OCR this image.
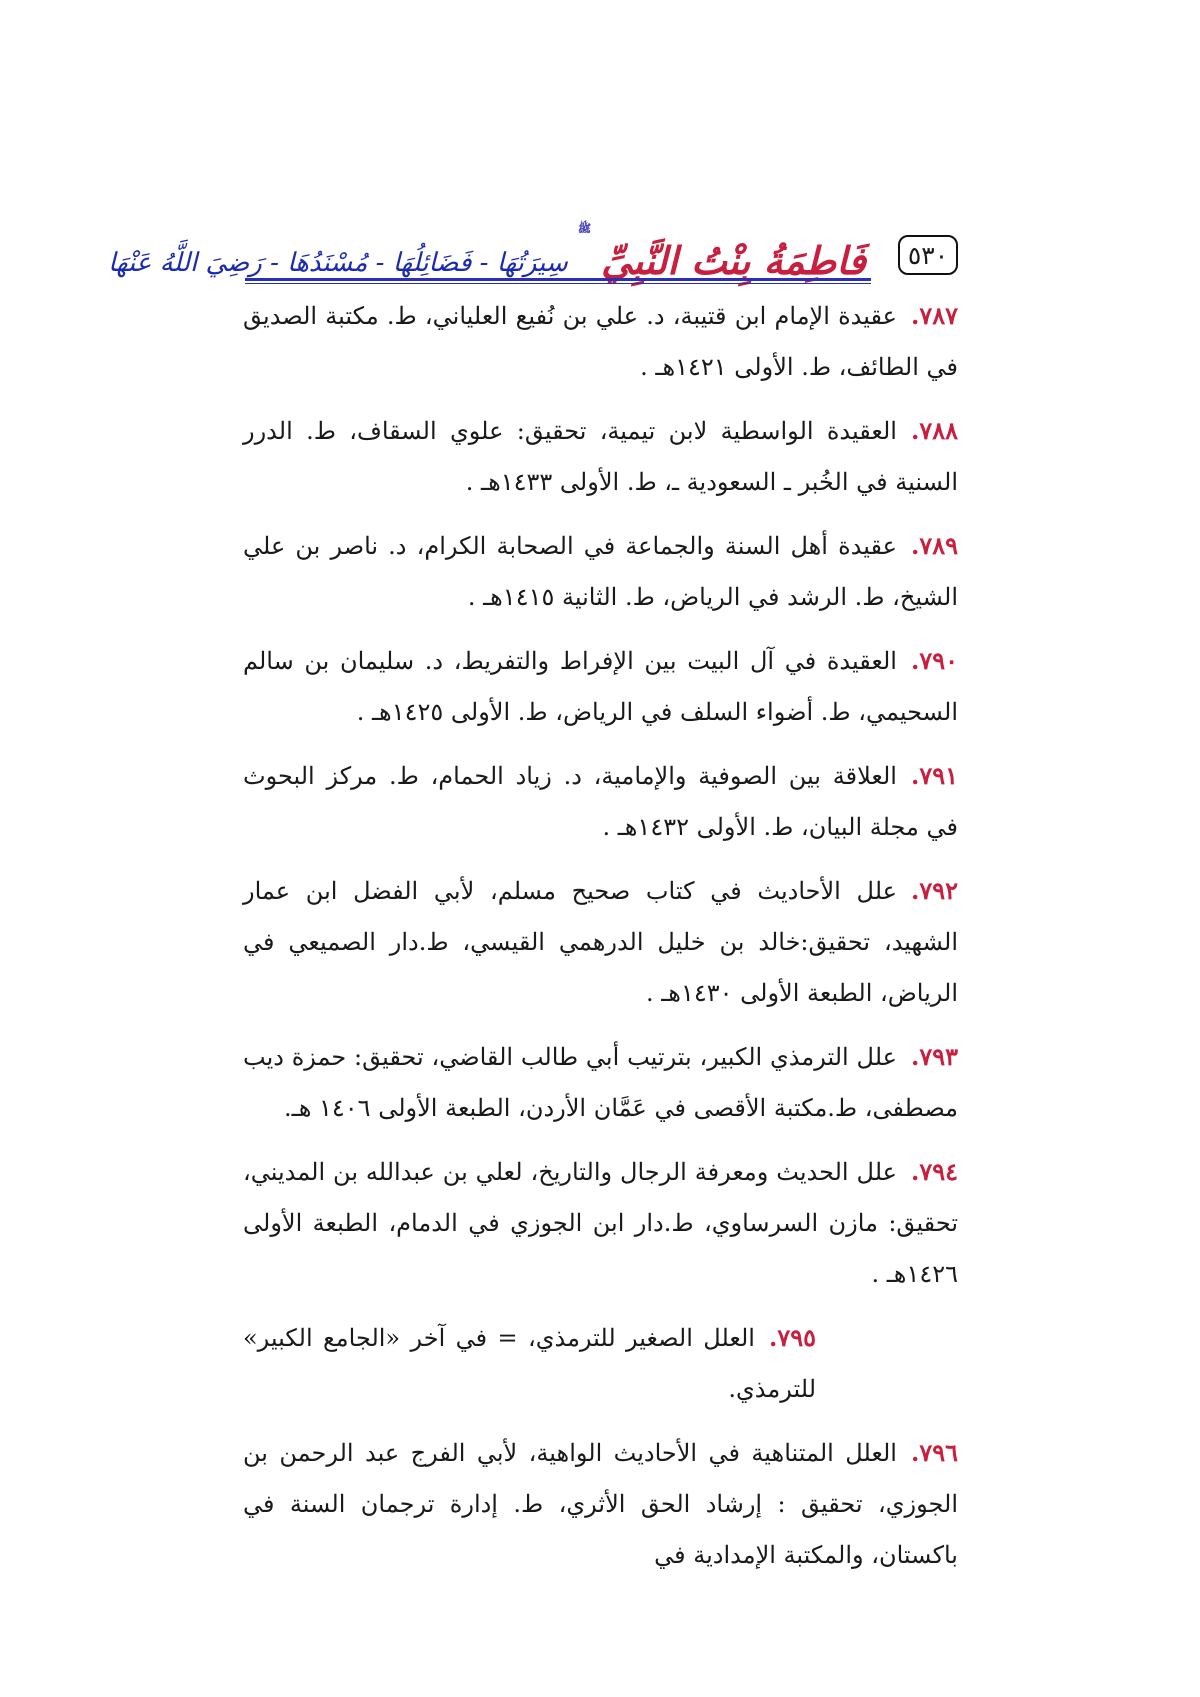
٥٣٠
فَاطِمَةُ بِنْتُ النَّبِيِّ
ﷺ
سِيرَتُهَا - فَضَائِلُهَا - مُسْنَدُهَا - رَضِيَ اللَّهُ عَنْهَا

٧٨٧.عقيدة الإمام ابن قتيبة، د. علي بن نُفيع العلياني، ط. مكتبة الصديق في الطائف، ط. الأولى ١٤٢١هـ .

٧٨٨.العقيدة الواسطية لابن تيمية، تحقيق: علوي السقاف، ط. الدرر السنية في الخُبر ـ السعودية ـ، ط. الأولى ١٤٣٣هـ .

٧٨٩.عقيدة أهل السنة والجماعة في الصحابة الكرام، د. ناصر بن علي الشيخ، ط. الرشد في الرياض، ط. الثانية ١٤١٥هـ .

٧٩٠.العقيدة في آل البيت بين الإفراط والتفريط، د. سليمان بن سالم السحيمي، ط. أضواء السلف في الرياض، ط. الأولى ١٤٢٥هـ .

٧٩١.العلاقة بين الصوفية والإمامية، د. زياد الحمام، ط. مركز البحوث في مجلة البيان، ط. الأولى ١٤٣٢هـ .

٧٩٢.علل الأحاديث في كتاب صحيح مسلم، لأبي الفضل ابن عمار الشهيد، تحقيق:خالد بن خليل الدرهمي القيسي، ط.دار الصميعي في الرياض، الطبعة الأولى ١٤٣٠هـ .

٧٩٣.علل الترمذي الكبير، بترتيب أبي طالب القاضي، تحقيق: حمزة ديب مصطفى، ط.مكتبة الأقصى في عَمَّان الأردن، الطبعة الأولى ١٤٠٦ هـ.

٧٩٤.علل الحديث ومعرفة الرجال والتاريخ، لعلي بن عبدالله بن المديني، تحقيق: مازن السرساوي، ط.دار ابن الجوزي في الدمام، الطبعة الأولى ١٤٢٦هـ .

٧٩٥.العلل الصغير للترمذي، = في آخر «الجامع الكبير» للترمذي.

٧٩٦.العلل المتناهية في الأحاديث الواهية، لأبي الفرج عبد الرحمن بن الجوزي، تحقيق : إرشاد الحق الأثري، ط. إدارة ترجمان السنة في باكستان، والمكتبة الإمدادية في
